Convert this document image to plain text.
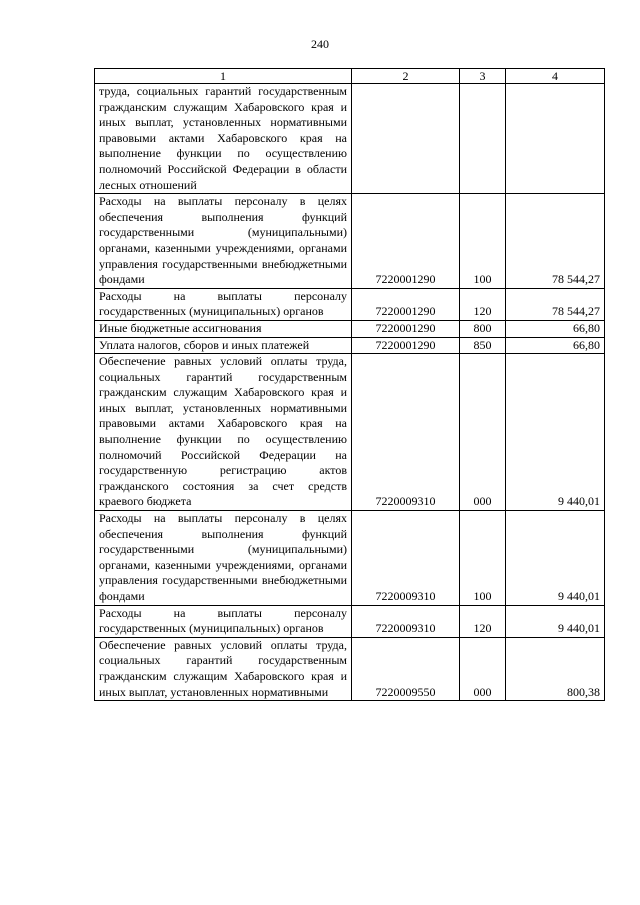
240
1	2	3	4
труда, социальных гарантий государственным гражданским служащим Хабаровского края и иных выплат, установленных нормативными правовыми актами Хабаровского края на выполнение функции по осуществлению полномочий Российской Федерации в области лесных отношений			
Расходы на выплаты персоналу в целях обеспечения выполнения функций государственными (муниципальными) органами, казенными учреждениями, органами управления государственными внебюджетными фондами	7220001290	100	78 544,27
Расходы на выплаты персоналу государственных (муниципальных) органов	7220001290	120	78 544,27
Иные бюджетные ассигнования	7220001290	800	66,80
Уплата налогов, сборов и иных платежей	7220001290	850	66,80
Обеспечение равных условий оплаты труда, социальных гарантий государственным гражданским служащим Хабаровского края и иных выплат, установленных нормативными правовыми актами Хабаровского края на выполнение функции по осуществлению полномочий Российской Федерации на государственную регистрацию актов гражданского состояния за счет средств краевого бюджета	7220009310	000	9 440,01
Расходы на выплаты персоналу в целях обеспечения выполнения функций государственными (муниципальными) органами, казенными учреждениями, органами управления государственными внебюджетными фондами	7220009310	100	9 440,01
Расходы на выплаты персоналу государственных (муниципальных) органов	7220009310	120	9 440,01
Обеспечение равных условий оплаты труда, социальных гарантий государственным гражданским служащим Хабаровского края и иных выплат, установленных нормативными	7220009550	000	800,38
